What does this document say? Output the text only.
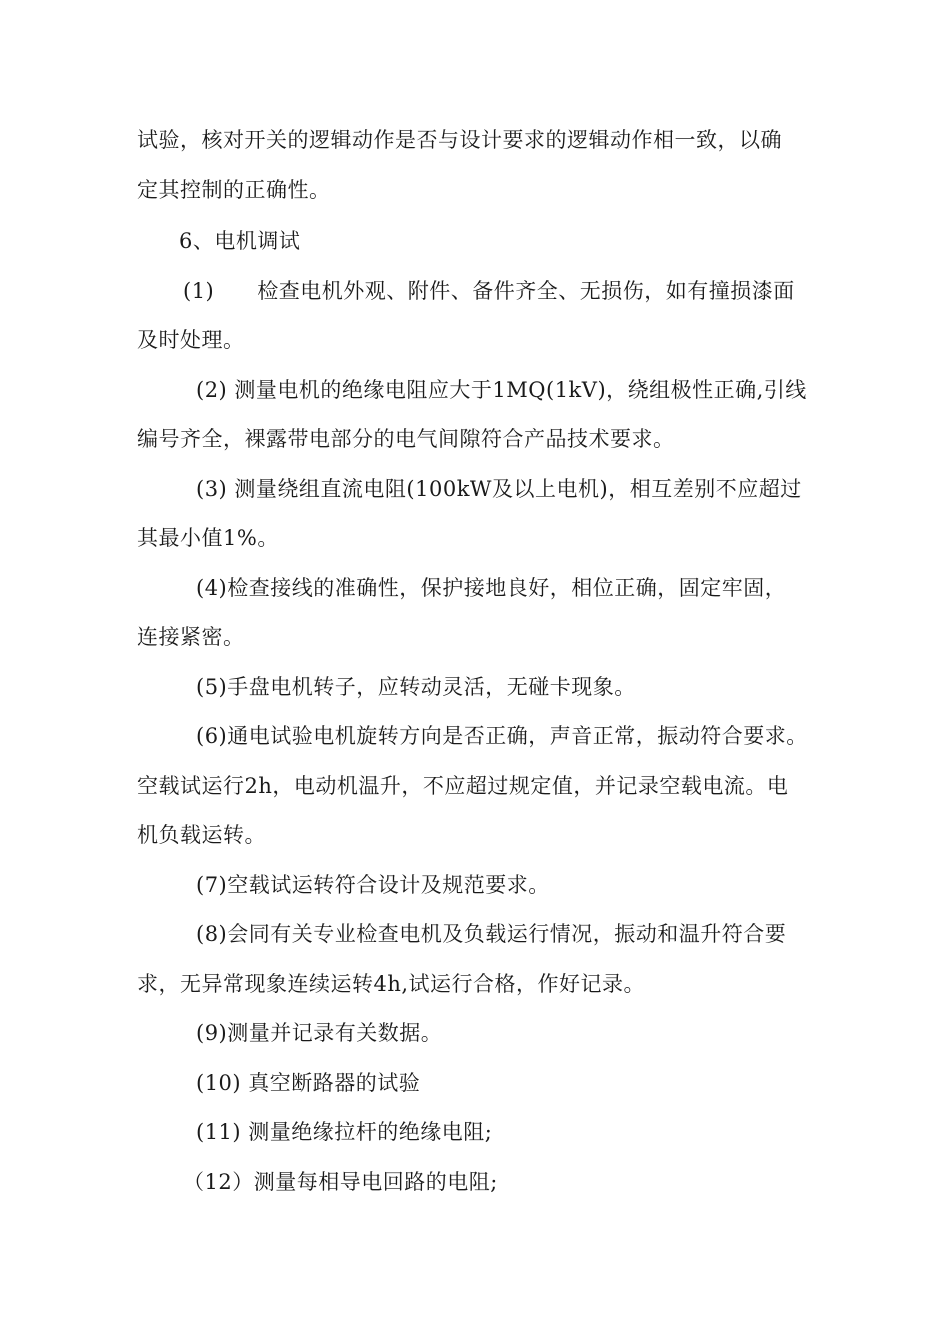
试验，核对开关的逻辑动作是否与设计要求的逻辑动作相一致，以确
定其控制的正确性。
6、电机调试
(1)　　检查电机外观、附件、备件齐全、无损伤，如有撞损漆面
及时处理。
(2) 测量电机的绝缘电阻应大于1MQ(1kV)，绕组极性正确,引线
编号齐全，裸露带电部分的电气间隙符合产品技术要求。
(3) 测量绕组直流电阻(100kW及以上电机)，相互差别不应超过
其最小值1%。
(4)检查接线的准确性，保护接地良好，相位正确，固定牢固，
连接紧密。
(5)手盘电机转子，应转动灵活，无碰卡现象。
(6)通电试验电机旋转方向是否正确，声音正常，振动符合要求。
空载试运行2h，电动机温升，不应超过规定值，并记录空载电流。电
机负载运转。
(7)空载试运转符合设计及规范要求。
(8)会同有关专业检查电机及负载运行情况，振动和温升符合要
求，无异常现象连续运转4h,试运行合格，作好记录。
(9)测量并记录有关数据。
(10) 真空断路器的试验
(11) 测量绝缘拉杆的绝缘电阻;
（12）测量每相导电回路的电阻;
